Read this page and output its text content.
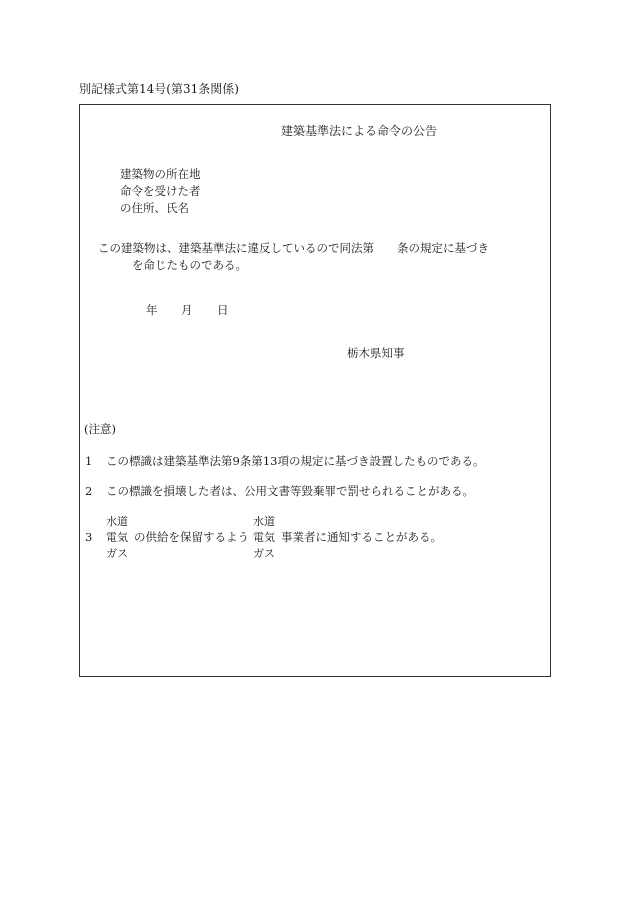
別記様式第14号(第31条関係)
建築基準法による命令の公告
建築物の所在地
命令を受けた者
の住所、氏名
この建築物は、建築基準法に違反しているので同法第　　条の規定に基づき
を命じたものである。
年 月 日
栃木県知事
(注意)
1 この標識は建築基準法第9条第13項の規定に基づき設置したものである。
2 この標識を損壊した者は、公用文書等毀棄罪で罰せられることがある。
水道
3 電気 の供給を保留するよう
ガス
水道
電気 事業者に通知することがある。
ガス
